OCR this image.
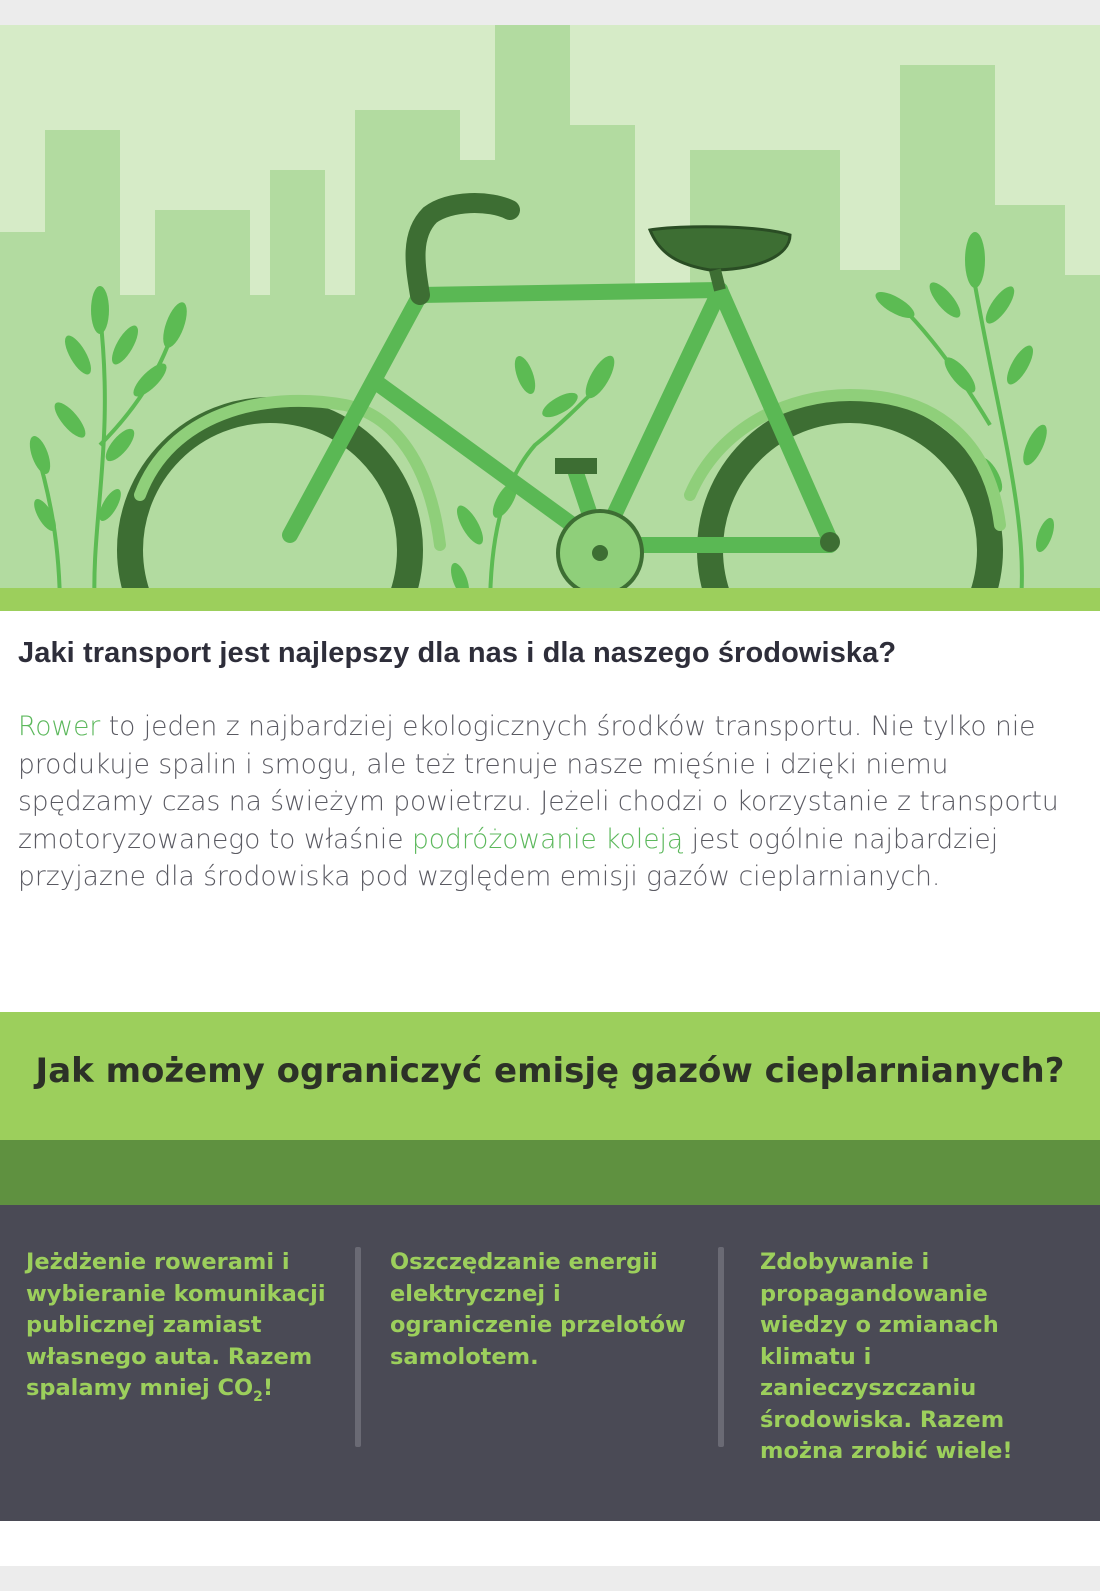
Jaki transport jest najlepszy dla nas i dla naszego środowiska?

Rower to jeden z najbardziej ekologicznych środków transportu. Nie tylko nie produkuje spalin i smogu, ale też trenuje nasze mięśnie i dzięki niemu spędzamy czas na świeżym powietrzu. Jeżeli chodzi o korzystanie z transportu zmotoryzowanego to właśnie podróżowanie koleją jest ogólnie najbardziej przyjazne dla środowiska pod względem emisji gazów cieplarnianych.

Jak możemy ograniczyć emisję gazów cieplarnianych?
Jeżdżenie rowerami i wybieranie komunikacji publicznej zamiast własnego auta. Razem spalamy mniej $CO_2$!
Oszczędzanie energii elektrycznej i ograniczenie przelotów samolotem.
Zdobywanie i propagandowanie wiedzy o zmianach klimatu i zanieczyszczaniu środowiska. Razem można zrobić wiele!
